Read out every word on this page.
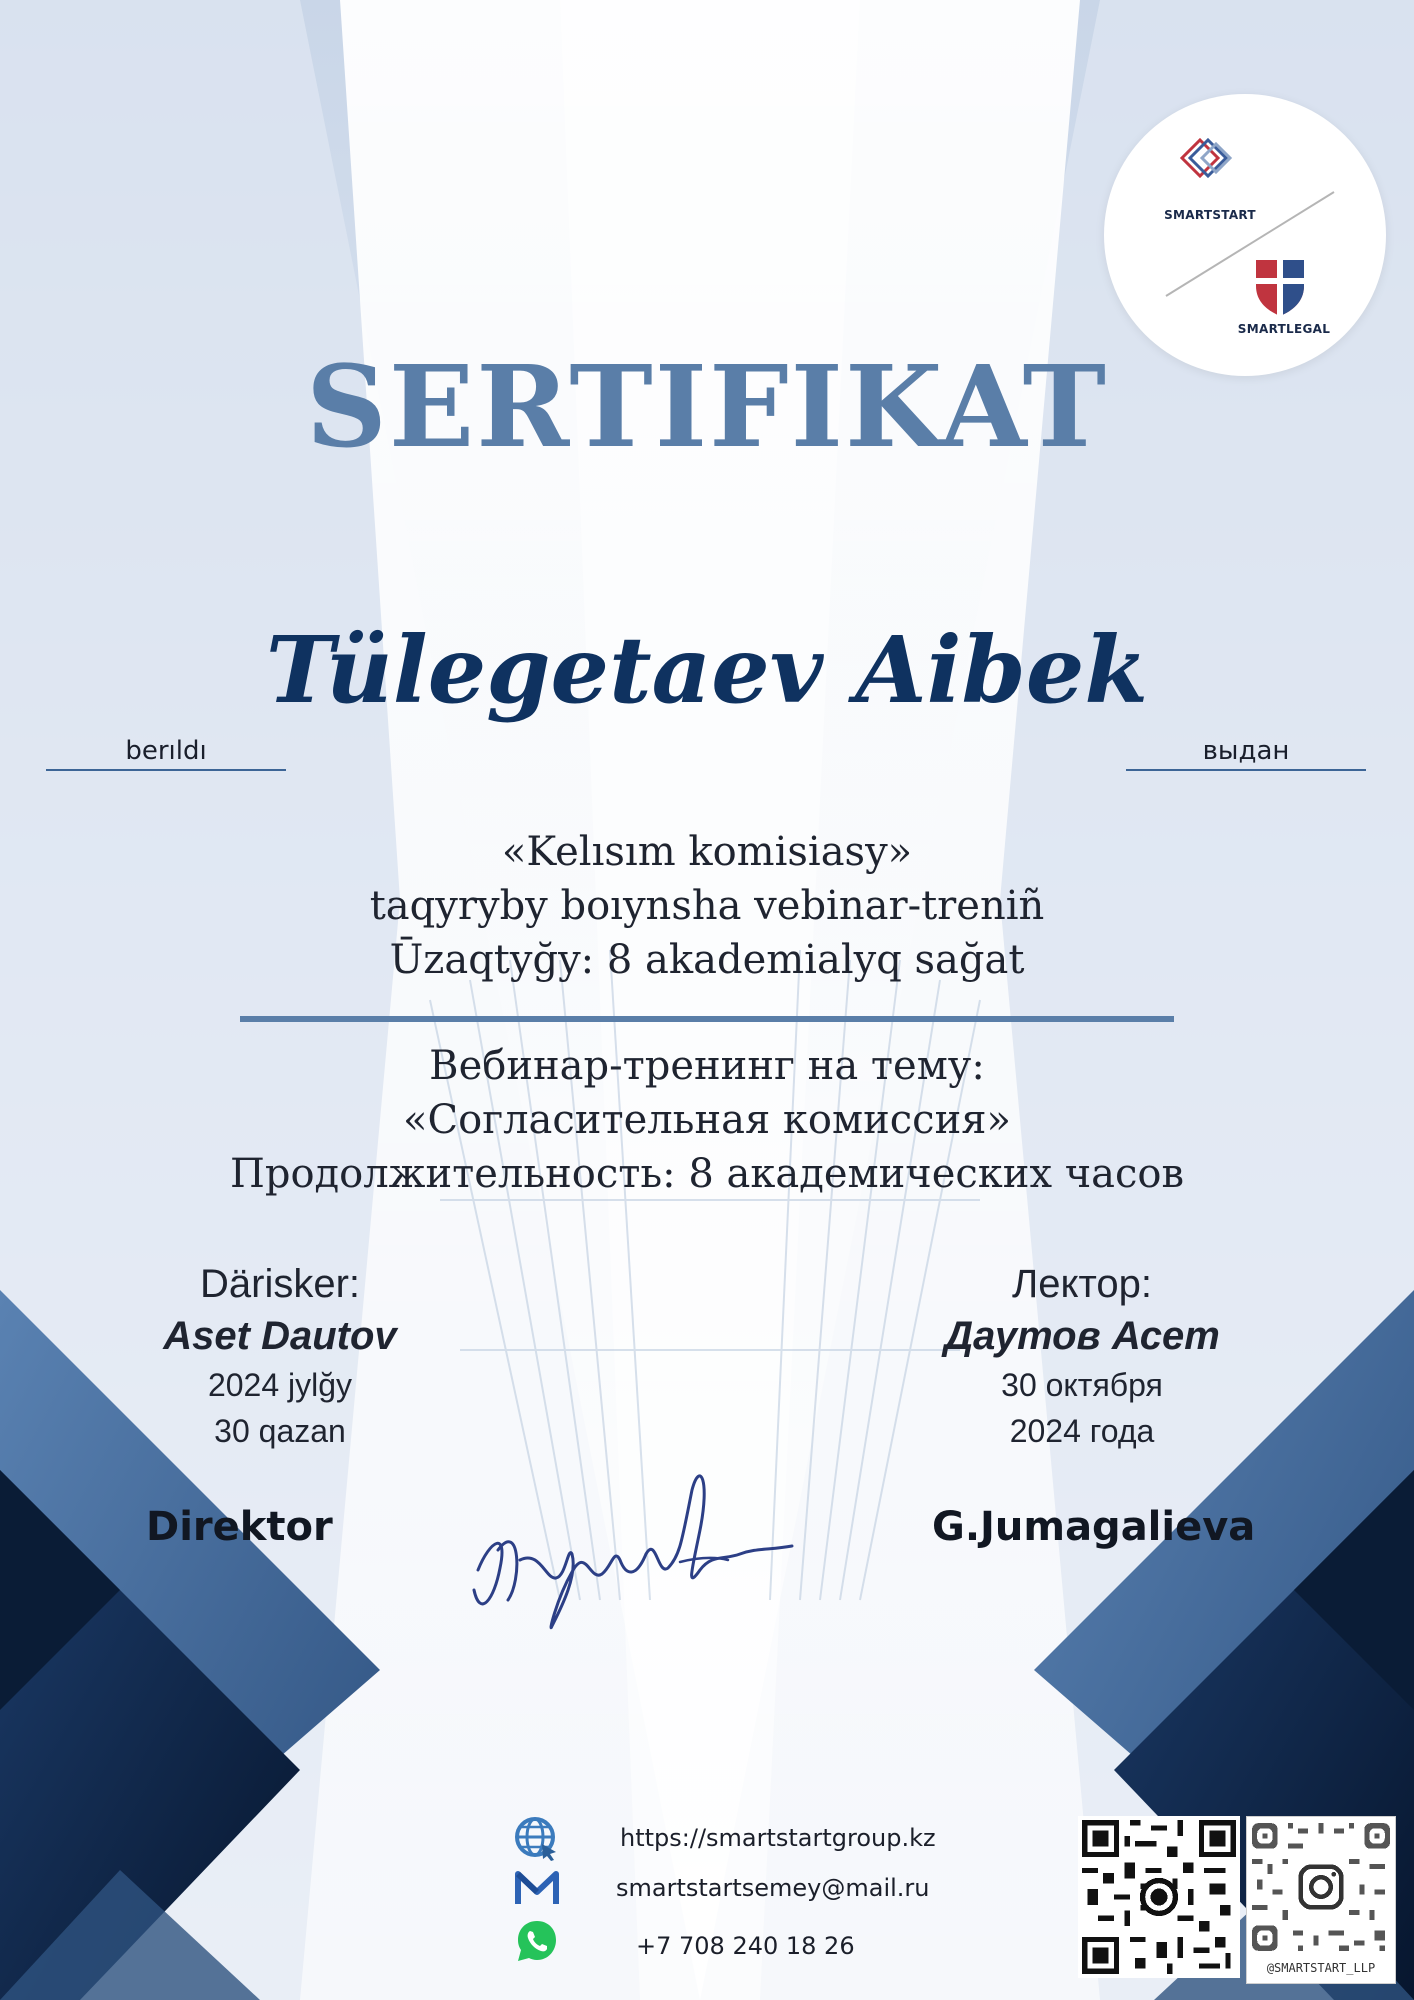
SMARTSTART
SMARTLEGAL
SERTIFIKAT
Tülegetaev Aibek
berıldı	выдан
«Kelısım komisiasy»
taqyryby boıynsha vebinar-treniñ
Ūzaqtyğy: 8 akademialyq sağat
Вебинар-тренинг на тему:
«Согласительная комиссия»
Продолжительность: 8 академических часов
Därisker:
Aset Dautov
2024 jylğy
30 qazan
Лектор:
Даутов Асет
30 октября
2024 года
Direktor	G.Jumagalieva
https://smartstartgroup.kz
smartstartsemey@mail.ru
+7 708 240 18 26
@SMARTSTART_LLP
